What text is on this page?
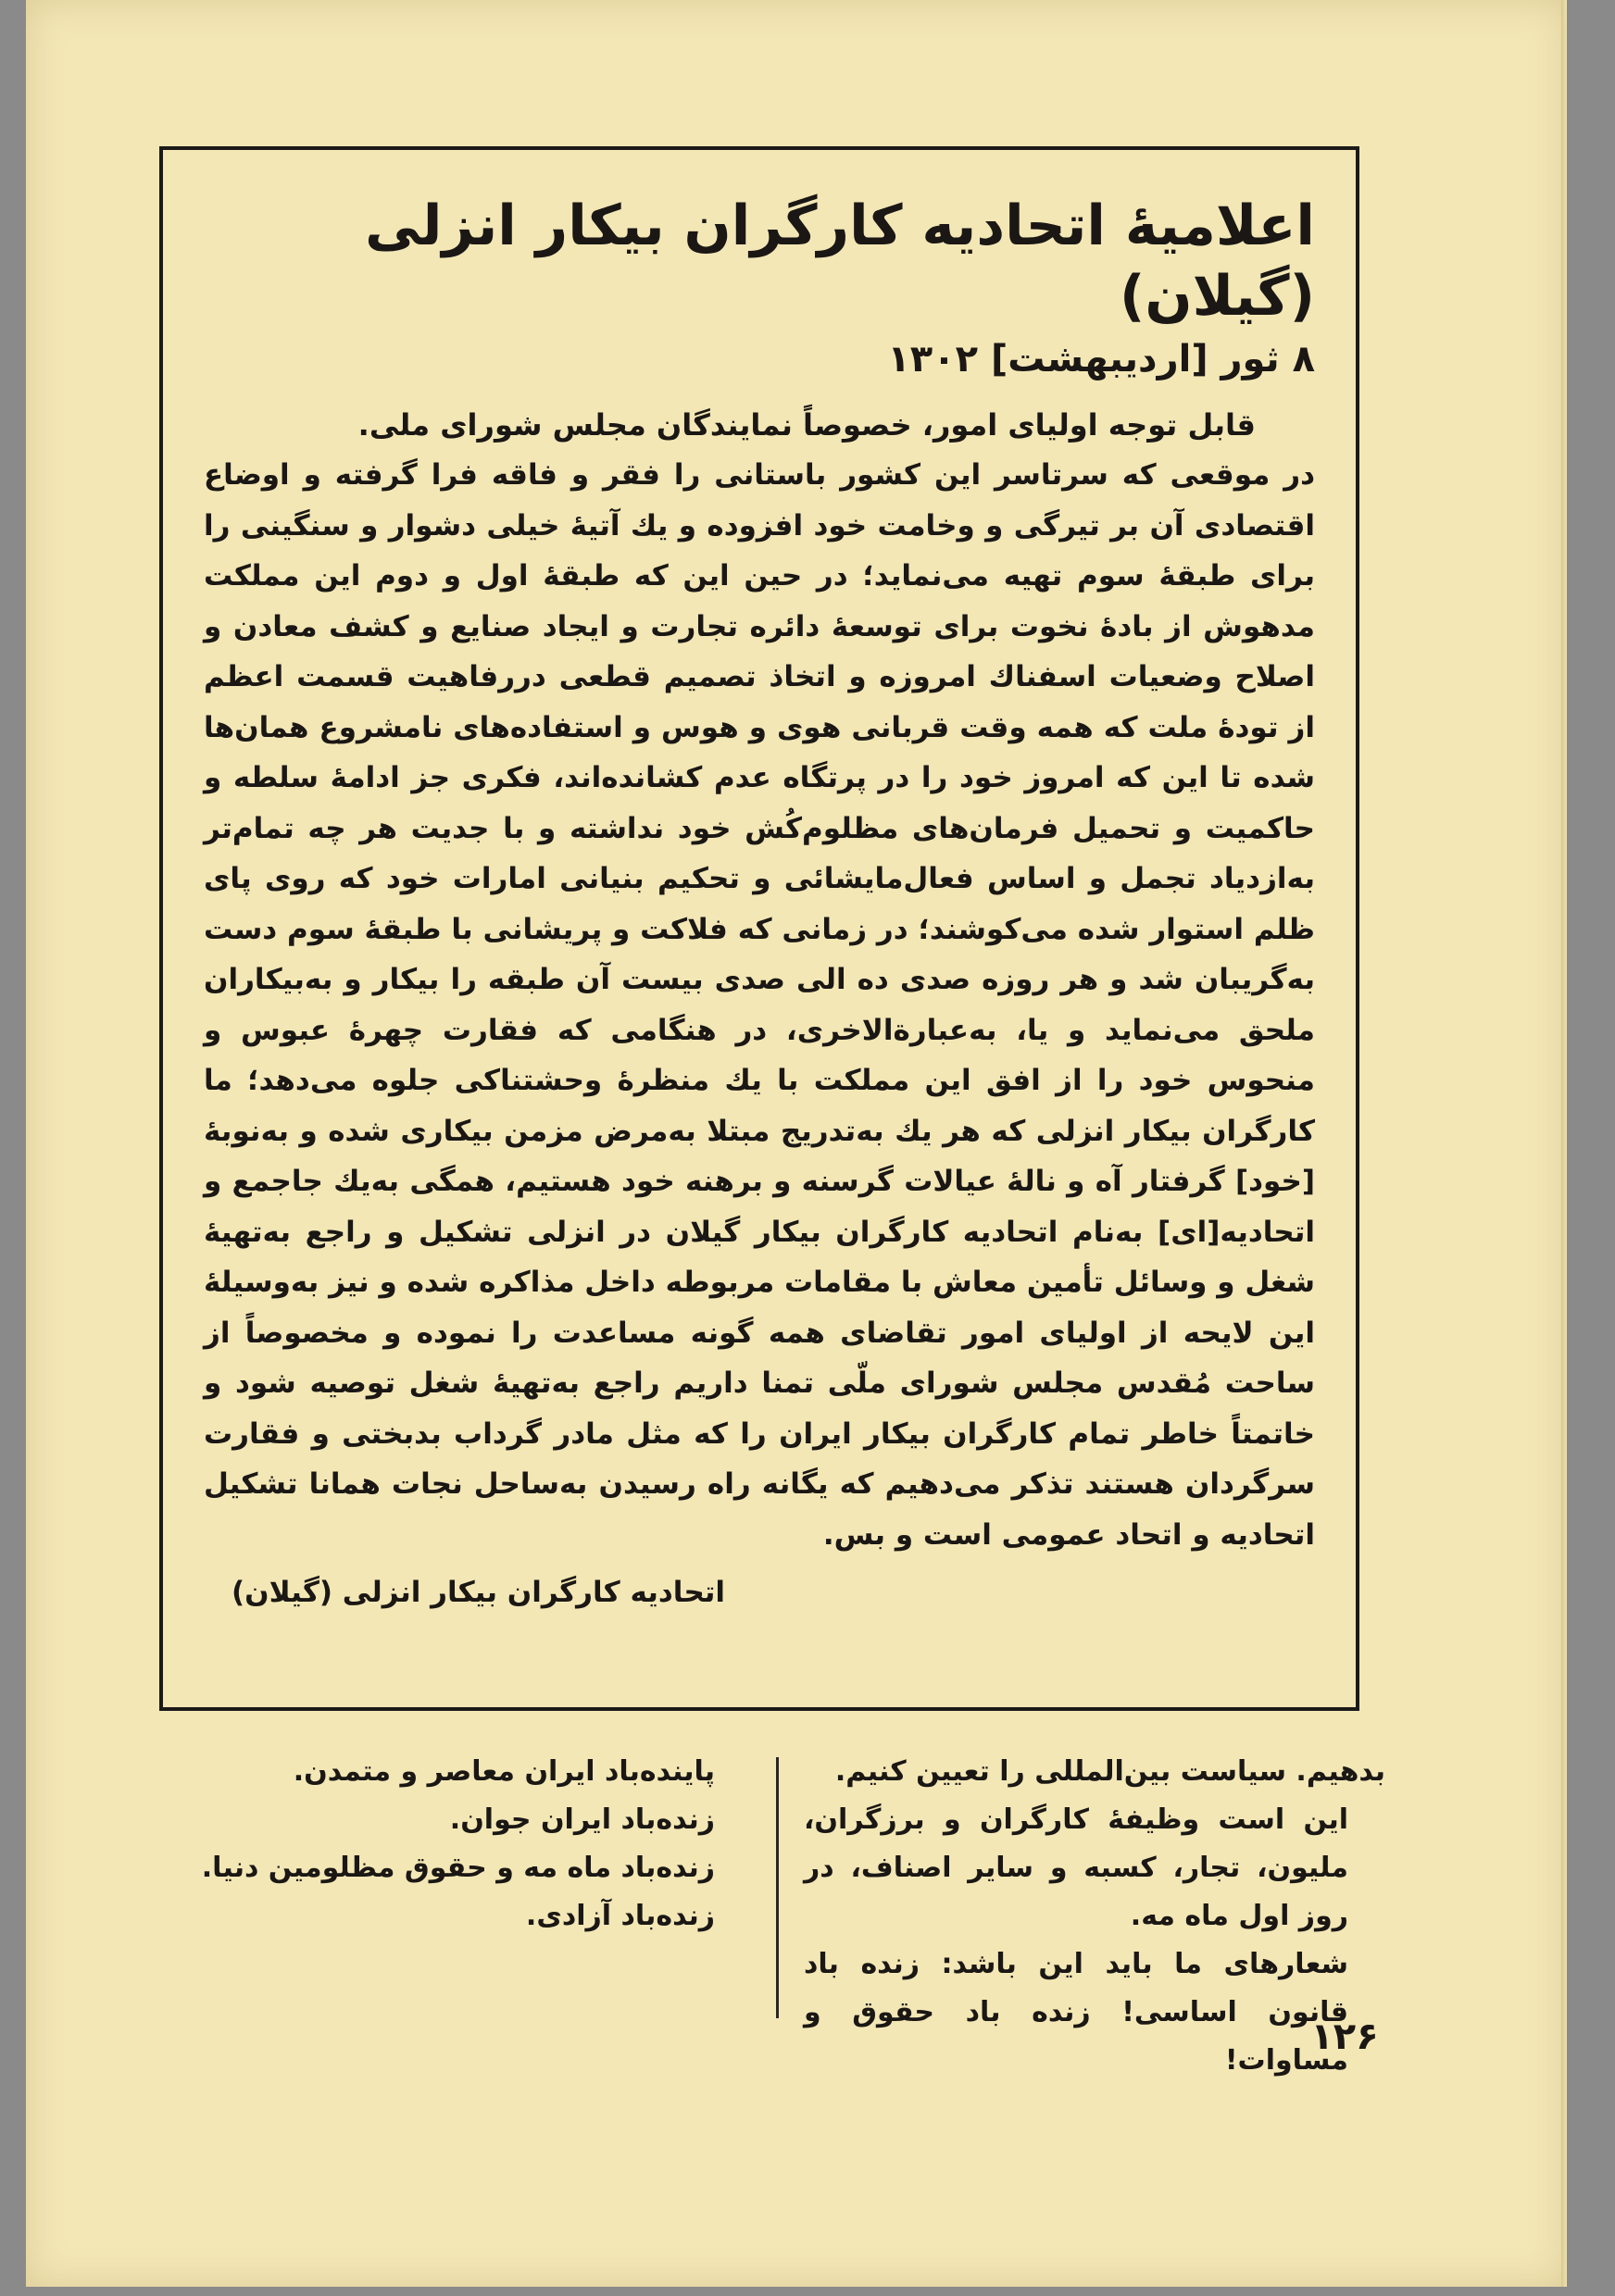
اعلامیهٔ اتحادیه کارگران بیکار انزلی (گیلان)
۸ ثور [اردیبهشت] ۱۳۰۲

قابل توجه اولیای امور، خصوصاً نمایندگان مجلس شورای ملی.

در موقعی که سرتاسر این کشور باستانی را فقر و فاقه فرا گرفته و اوضاع اقتصادی آن بر تیرگی و وخامت خود افزوده و یك آتیهٔ خیلی دشوار و سنگینی را برای طبقهٔ سوم تهیه می‌نماید؛ در حین این که طبقهٔ اول و دوم این مملکت مدهوش از بادهٔ نخوت برای توسعهٔ دائره تجارت و ایجاد صنایع و کشف معادن و اصلاح وضعیات اسفناك امروزه و اتخاذ تصمیم قطعی دررفاهیت قسمت اعظم از تودهٔ ملت که همه وقت قربانی هوی و هوس و استفاده‌های نامشروع همان‌ها شده تا این که امروز خود را در پرتگاه عدم کشانده‌اند، فکری جز ادامهٔ سلطه و حاکمیت و تحمیل فرمان‌های مظلوم‌کُش خود نداشته و با جدیت هر چه تمام‌تر به‌ازدیاد تجمل و اساس فعال‌مایشائی و تحکیم بنیانی امارات خود که روی پای ظلم استوار شده می‌کوشند؛ در زمانی که فلاکت و پریشانی با طبقهٔ سوم دست به‌گریبان شد و هر روزه صدی ده الی صدی بیست آن طبقه را بیکار و به‌بیکاران ملحق می‌نماید و یا، به‌عبارةالاخری، در هنگامی که فقارت چهرهٔ عبوس و منحوس خود را از افق این مملکت با یك منظرهٔ وحشتناکی جلوه می‌دهد؛ ما کارگران بیکار انزلی که هر یك به‌تدریج مبتلا به‌مرض مزمن بیکاری شده و به‌نوبهٔ [خود] گرفتار آه و نالهٔ عیالات گرسنه و برهنه خود هستیم، همگی به‌یك جاجمع و اتحادیه[ای] به‌نام اتحادیه کارگران بیکار گیلان در انزلی تشکیل و راجع به‌تهیهٔ شغل و وسائل تأمین معاش با مقامات مربوطه داخل مذاکره شده و نیز به‌وسیلهٔ این لایحه از اولیای امور تقاضای همه گونه مساعدت را نموده و مخصوصاً از ساحت مُقدس مجلس شورای ملّی تمنا داریم راجع به‌تهیهٔ شغل توصیه شود و خاتمتاً خاطر تمام کارگران بیکار ایران را که مثل مادر گرداب بدبختی و فقارت سرگردان هستند تذکر می‌دهیم که یگانه راه رسیدن به‌ساحل نجات همانا تشکیل اتحادیه و اتحاد عمومی است و بس.

اتحادیه کارگران بیکار انزلی (گیلان)

بدهیم. سیاست بین‌المللی را تعیین کنیم.

این است وظیفهٔ کارگران و برزگران، ملیون، تجار، کسبه و سایر اصناف، در روز اول ماه مه.

شعارهای ما باید این باشد: زنده باد قانون اساسی! زنده باد حقوق و مساوات!

پاینده‌باد ایران معاصر و متمدن.

زنده‌باد ایران جوان.

زنده‌باد ماه مه و حقوق مظلومین دنیا.

زنده‌باد آزادی.

۱۲۶
